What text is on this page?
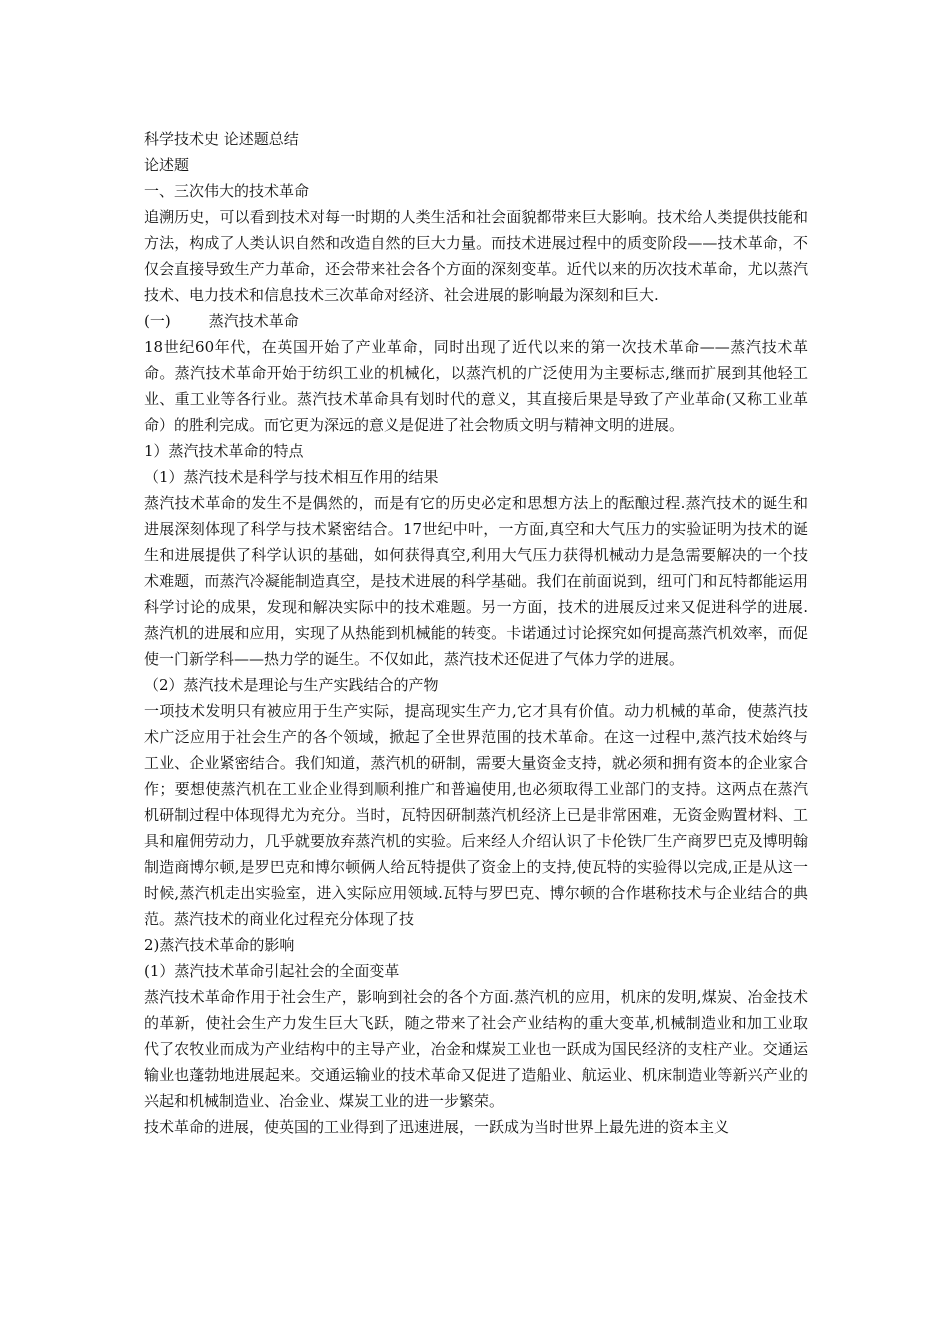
科学技术史 论述题总结

论述题

一、三次伟大的技术革命

追溯历史，可以看到技术对每一时期的人类生活和社会面貌都带来巨大影响。技术给人类提供技能和方法，构成了人类认识自然和改造自然的巨大力量。而技术进展过程中的质变阶段——技术革命，不仅会直接导致生产力革命，还会带来社会各个方面的深刻变革。近代以来的历次技术革命，尤以蒸汽技术、电力技术和信息技术三次革命对经济、社会进展的影响最为深刻和巨大.

(一)	蒸汽技术革命

18世纪60年代，在英国开始了产业革命，同时出现了近代以来的第一次技术革命——蒸汽技术革命。蒸汽技术革命开始于纺织工业的机械化，以蒸汽机的广泛使用为主要标志,继而扩展到其他轻工业、重工业等各行业。蒸汽技术革命具有划时代的意义，其直接后果是导致了产业革命(又称工业革命）的胜利完成。而它更为深远的意义是促进了社会物质文明与精神文明的进展。

1）蒸汽技术革命的特点

（1）蒸汽技术是科学与技术相互作用的结果

蒸汽技术革命的发生不是偶然的，而是有它的历史必定和思想方法上的酝酿过程.蒸汽技术的诞生和进展深刻体现了科学与技术紧密结合。17世纪中叶，一方面,真空和大气压力的实验证明为技术的诞生和进展提供了科学认识的基础，如何获得真空,利用大气压力获得机械动力是急需要解决的一个技术难题，而蒸汽冷凝能制造真空，是技术进展的科学基础。我们在前面说到，纽可门和瓦特都能运用科学讨论的成果，发现和解决实际中的技术难题。另一方面，技术的进展反过来又促进科学的进展.蒸汽机的进展和应用，实现了从热能到机械能的转变。卡诺通过讨论探究如何提高蒸汽机效率，而促使一门新学科——热力学的诞生。不仅如此，蒸汽技术还促进了气体力学的进展。

（2）蒸汽技术是理论与生产实践结合的产物

一项技术发明只有被应用于生产实际，提高现实生产力,它才具有价值。动力机械的革命，使蒸汽技术广泛应用于社会生产的各个领域，掀起了全世界范围的技术革命。在这一过程中,蒸汽技术始终与工业、企业紧密结合。我们知道，蒸汽机的研制，需要大量资金支持，就必须和拥有资本的企业家合作；要想使蒸汽机在工业企业得到顺利推广和普遍使用,也必须取得工业部门的支持。这两点在蒸汽机研制过程中体现得尤为充分。当时，瓦特因研制蒸汽机经济上已是非常困难，无资金购置材料、工具和雇佣劳动力，几乎就要放弃蒸汽机的实验。后来经人介绍认识了卡伦铁厂生产商罗巴克及博明翰制造商博尔顿,是罗巴克和博尔顿俩人给瓦特提供了资金上的支持,使瓦特的实验得以完成,正是从这一时候,蒸汽机走出实验室，进入实际应用领域.瓦特与罗巴克、博尔顿的合作堪称技术与企业结合的典范。蒸汽技术的商业化过程充分体现了技

2)蒸汽技术革命的影响

(1）蒸汽技术革命引起社会的全面变革

蒸汽技术革命作用于社会生产，影响到社会的各个方面.蒸汽机的应用，机床的发明,煤炭、冶金技术的革新，使社会生产力发生巨大飞跃，随之带来了社会产业结构的重大变革,机械制造业和加工业取代了农牧业而成为产业结构中的主导产业，冶金和煤炭工业也一跃成为国民经济的支柱产业。交通运输业也蓬勃地进展起来。交通运输业的技术革命又促进了造船业、航运业、机床制造业等新兴产业的兴起和机械制造业、冶金业、煤炭工业的进一步繁荣。

技术革命的进展，使英国的工业得到了迅速进展，一跃成为当时世界上最先进的资本主义
